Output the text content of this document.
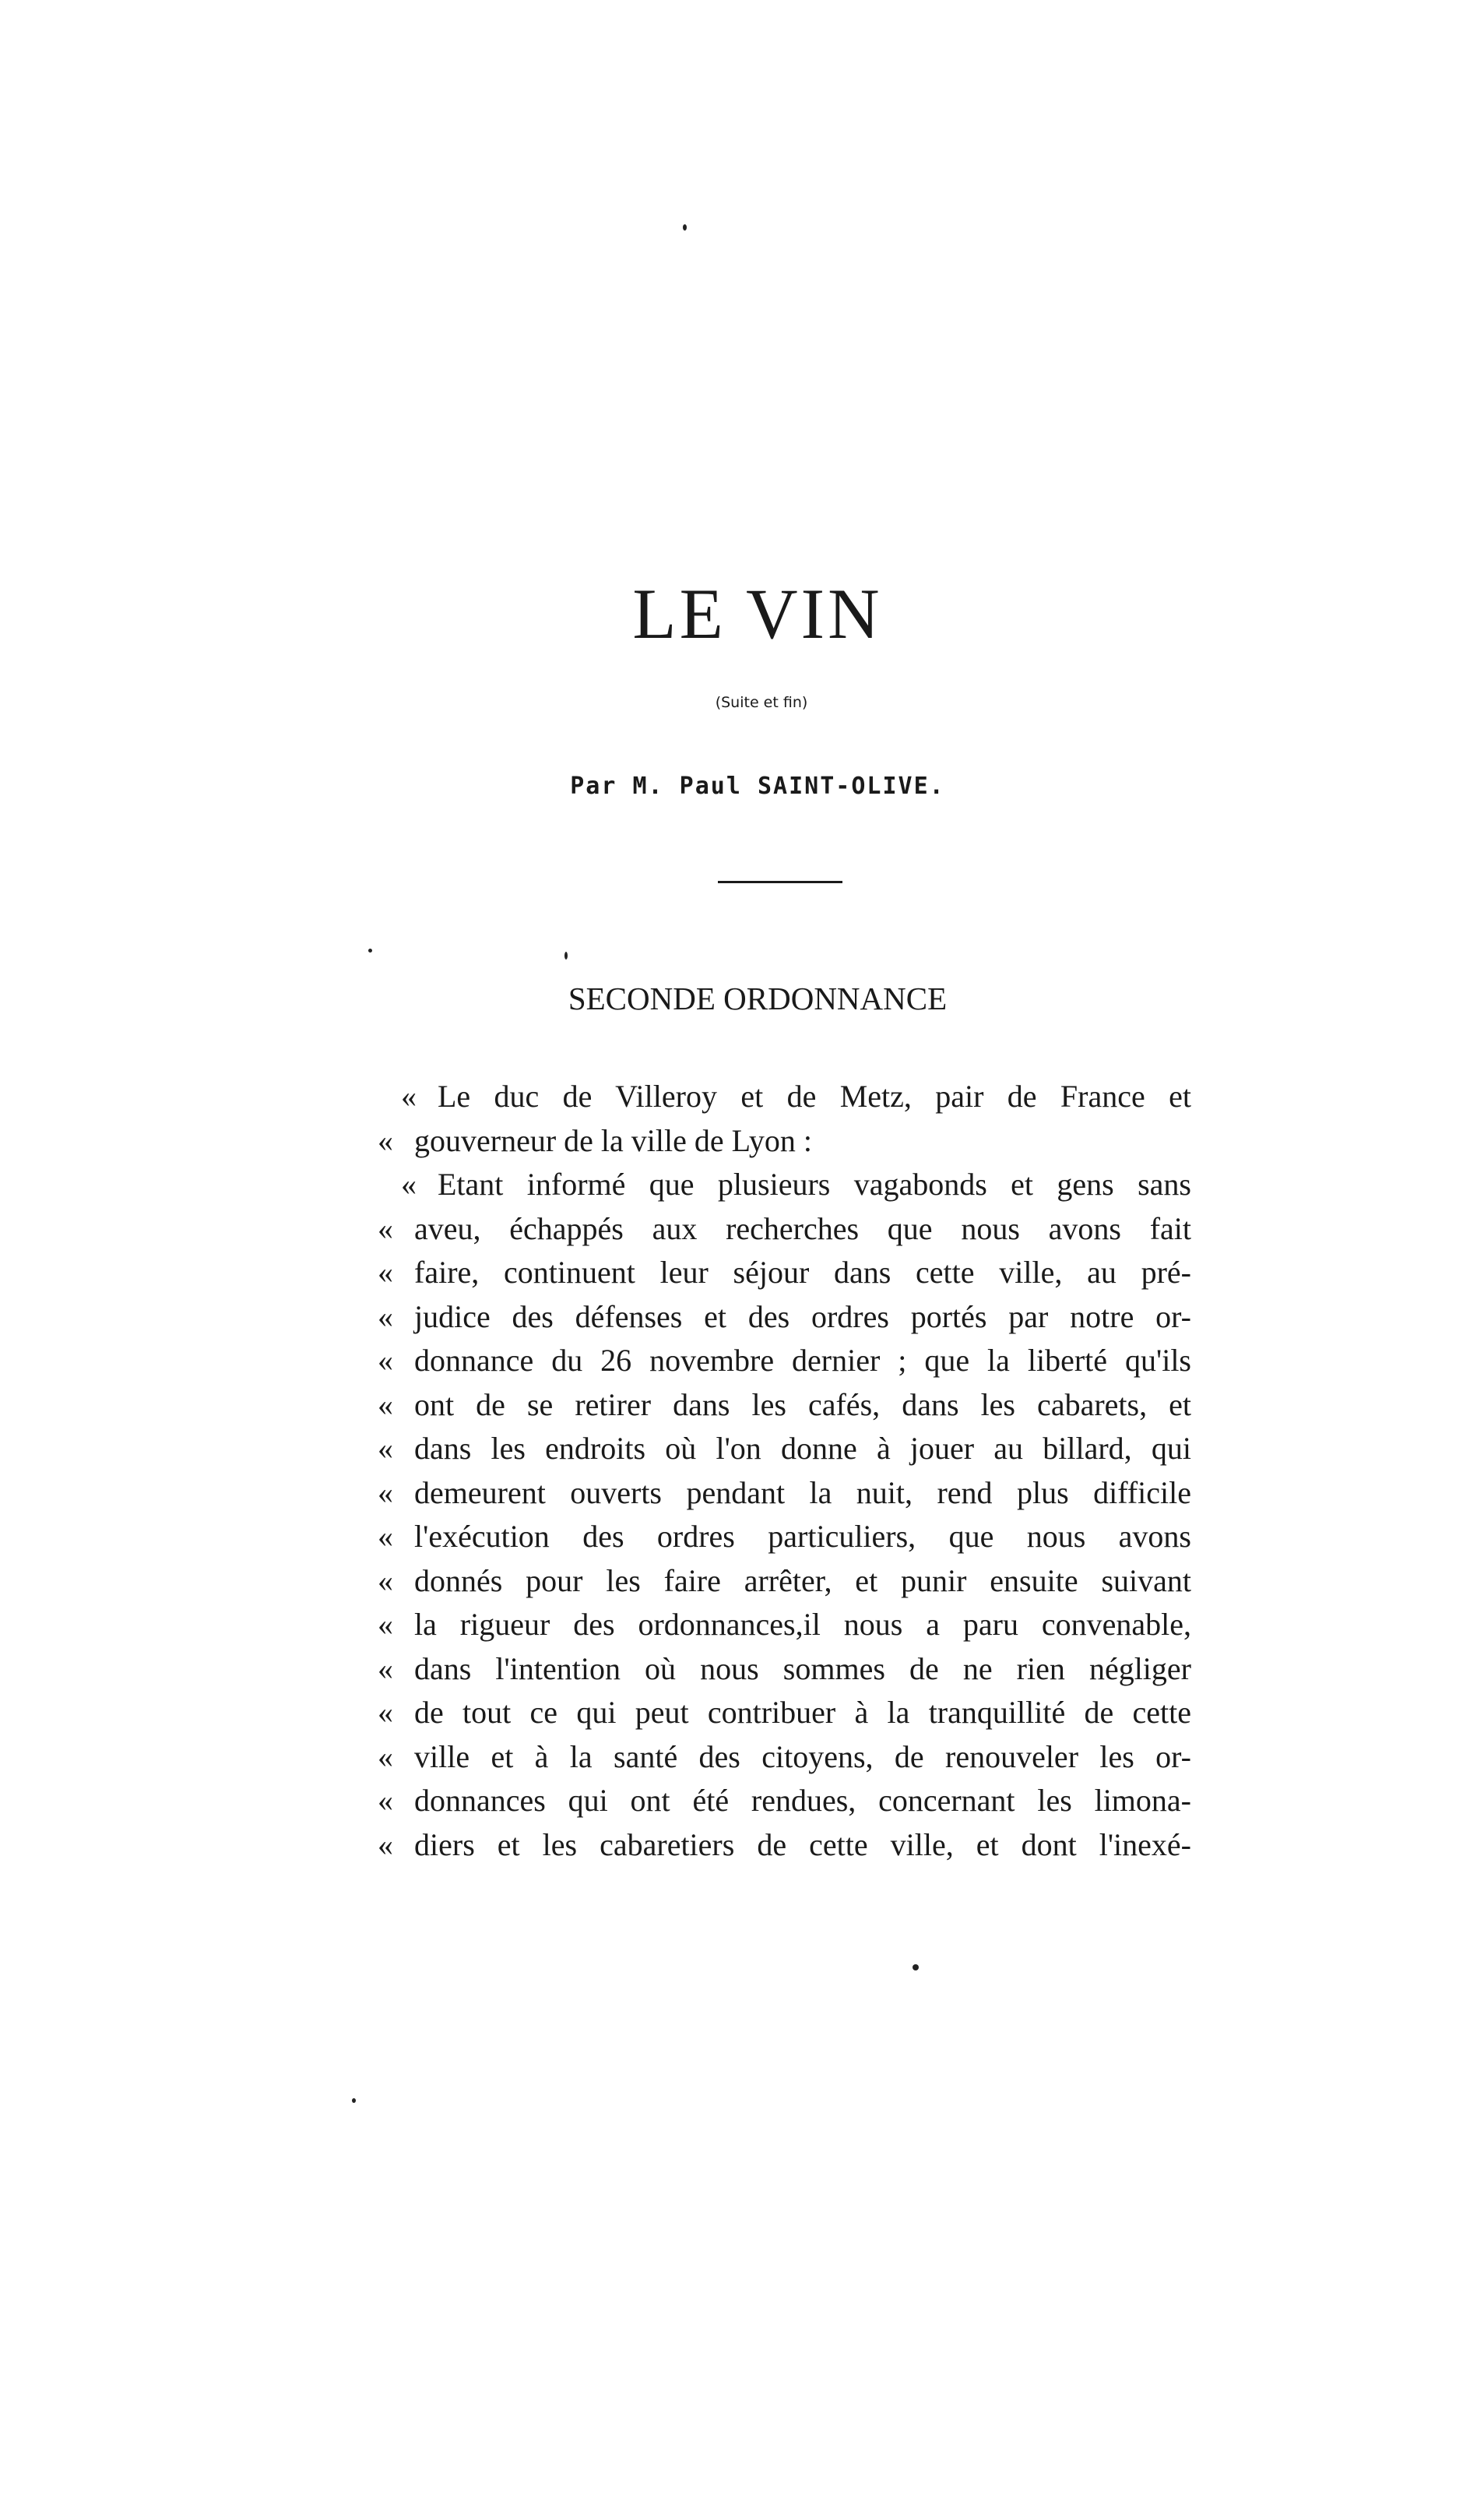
LE VIN
(Suite et fin)
Par M. Paul SAINT-OLIVE.
SECONDE ORDONNANCE
« Le duc de Villeroy et de Metz, pair de France et
« gouverneur de la ville de Lyon :
« Etant informé que plusieurs vagabonds et gens sans
« aveu, échappés aux recherches que nous avons fait
« faire, continuent leur séjour dans cette ville, au pré-
« judice des défenses et des ordres portés par notre or-
« donnance du 26 novembre dernier ; que la liberté qu'ils
« ont de se retirer dans les cafés, dans les cabarets, et
« dans les endroits où l'on donne à jouer au billard, qui
« demeurent ouverts pendant la nuit, rend plus difficile
« l'exécution des ordres particuliers, que nous avons
« donnés pour les faire arrêter, et punir ensuite suivant
« la rigueur des ordonnances,il nous a paru convenable,
« dans l'intention où nous sommes de ne rien négliger
« de tout ce qui peut contribuer à la tranquillité de cette
« ville et à la santé des citoyens, de renouveler les or-
« donnances qui ont été rendues, concernant les limona-
« diers et les cabaretiers de cette ville, et dont l'inexé-
